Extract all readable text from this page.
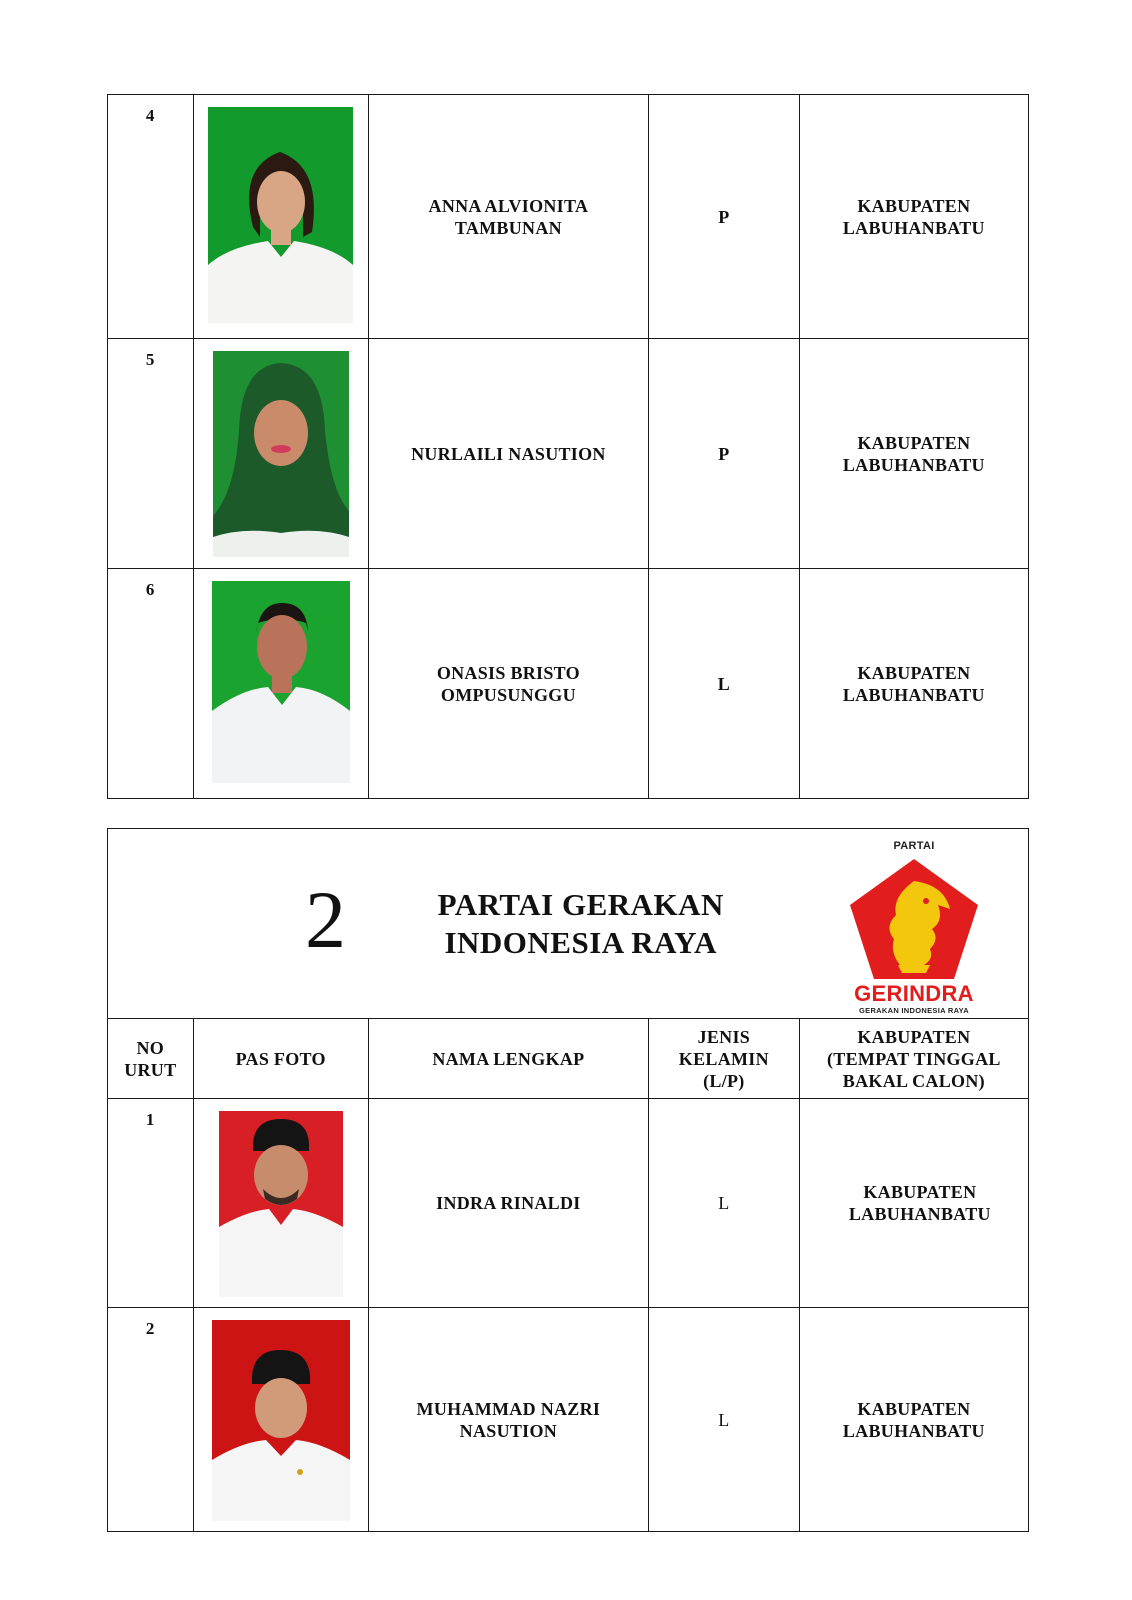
4		ANNA ALVIONITA TAMBUNAN	P	KABUPATEN LABUHANBATU
5		NURLAILI NASUTION	P	KABUPATEN LABUHANBATU
6		ONASIS BRISTO OMPUSUNGGU	L	KABUPATEN LABUHANBATU
2		PARTAI GERAKAN INDONESIA RAYA		PARTAI
GERINDRA
GERAKAN INDONESIA RAYA

NO URUT	PAS FOTO	NAMA LENGKAP	JENIS KELAMIN (L/P)	KABUPATEN (TEMPAT TINGGAL BAKAL CALON)
1		INDRA RINALDI	L	KABUPATEN LABUHANBATU
2		MUHAMMAD NAZRI NASUTION	L	KABUPATEN LABUHANBATU
